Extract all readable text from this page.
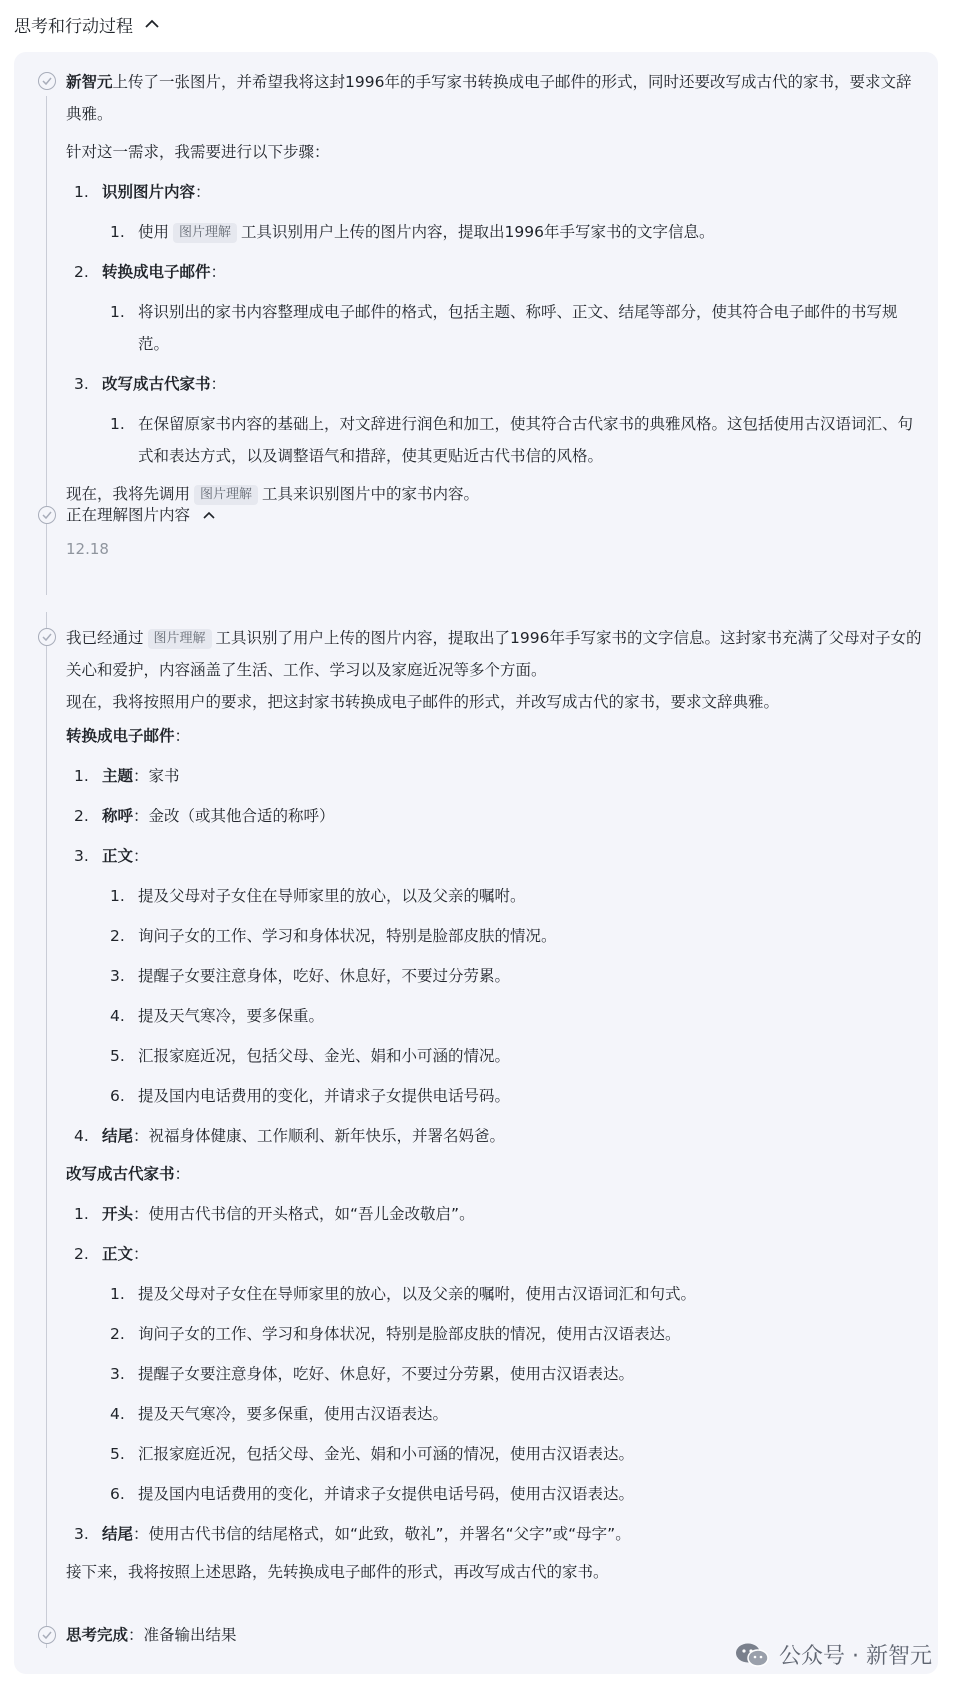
思考和行动过程

新智元上传了一张图片，并希望我将这封1996年的手写家书转换成电子邮件的形式，同时还要改写成古代的家书，要求文辞典雅。

针对这一需求，我需要进行以下步骤：

1. 识别图片内容：
1. 使用 图片理解 工具识别用户上传的图片内容，提取出1996年手写家书的文字信息。
2. 转换成电子邮件：
1. 将识别出的家书内容整理成电子邮件的格式，包括主题、称呼、正文、结尾等部分，使其符合电子邮件的书写规范。
3. 改写成古代家书：
1. 在保留原家书内容的基础上，对文辞进行润色和加工，使其符合古代家书的典雅风格。这包括使用古汉语词汇、句式和表达方式，以及调整语气和措辞，使其更贴近古代书信的风格。

现在，我将先调用 图片理解 工具来识别图片中的家书内容。

正在理解图片内容

12.18

我已经通过 图片理解 工具识别了用户上传的图片内容，提取出了1996年手写家书的文字信息。这封家书充满了父母对子女的关心和爱护，内容涵盖了生活、工作、学习以及家庭近况等多个方面。

现在，我将按照用户的要求，把这封家书转换成电子邮件的形式，并改写成古代的家书，要求文辞典雅。

转换成电子邮件：

1. 主题：家书
2. 称呼：金改（或其他合适的称呼）
3. 正文：
1. 提及父母对子女住在导师家里的放心，以及父亲的嘱咐。
2. 询问子女的工作、学习和身体状况，特别是脸部皮肤的情况。
3. 提醒子女要注意身体，吃好、休息好，不要过分劳累。
4. 提及天气寒冷，要多保重。
5. 汇报家庭近况，包括父母、金光、娟和小可涵的情况。
6. 提及国内电话费用的变化，并请求子女提供电话号码。
4. 结尾：祝福身体健康、工作顺利、新年快乐，并署名妈爸。

改写成古代家书：

1. 开头：使用古代书信的开头格式，如“吾儿金改敬启”。
2. 正文：
1. 提及父母对子女住在导师家里的放心，以及父亲的嘱咐，使用古汉语词汇和句式。
2. 询问子女的工作、学习和身体状况，特别是脸部皮肤的情况，使用古汉语表达。
3. 提醒子女要注意身体，吃好、休息好，不要过分劳累，使用古汉语表达。
4. 提及天气寒冷，要多保重，使用古汉语表达。
5. 汇报家庭近况，包括父母、金光、娟和小可涵的情况，使用古汉语表达。
6. 提及国内电话费用的变化，并请求子女提供电话号码，使用古汉语表达。
3. 结尾：使用古代书信的结尾格式，如“此致，敬礼”，并署名“父字”或“母字”。

接下来，我将按照上述思路，先转换成电子邮件的形式，再改写成古代的家书。

思考完成：准备输出结果

公众号 · 新智元
